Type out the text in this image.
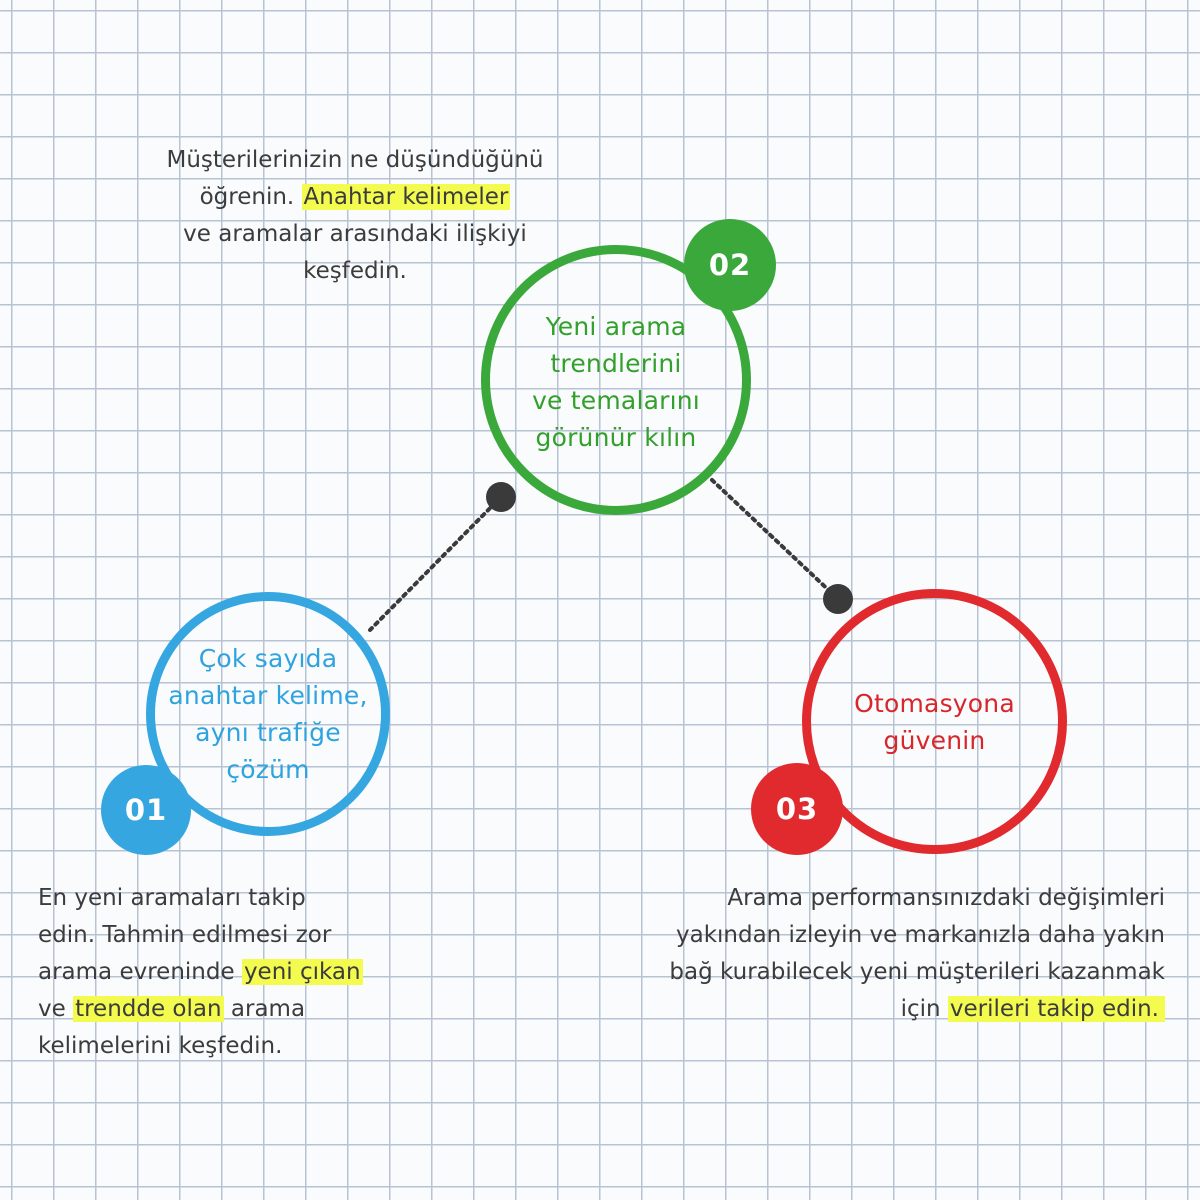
Çok sayıda
anahtar kelime,
aynı trafiğe
çözüm
Yeni arama
trendlerini
ve temalarını
görünür kılın
Otomasyona
güvenin
01
02
03
Müşterilerinizin ne düşündüğünü
öğrenin. Anahtar kelimeler
ve aramalar arasındaki ilişkiyi
keşfedin.
En yeni aramaları takip
edin. Tahmin edilmesi zor
arama evreninde yeni çıkan
ve trendde olan arama
kelimelerini keşfedin.
Arama performansınızdaki değişimleri
yakından izleyin ve markanızla daha yakın
bağ kurabilecek yeni müşterileri kazanmak
için verileri takip edin.
